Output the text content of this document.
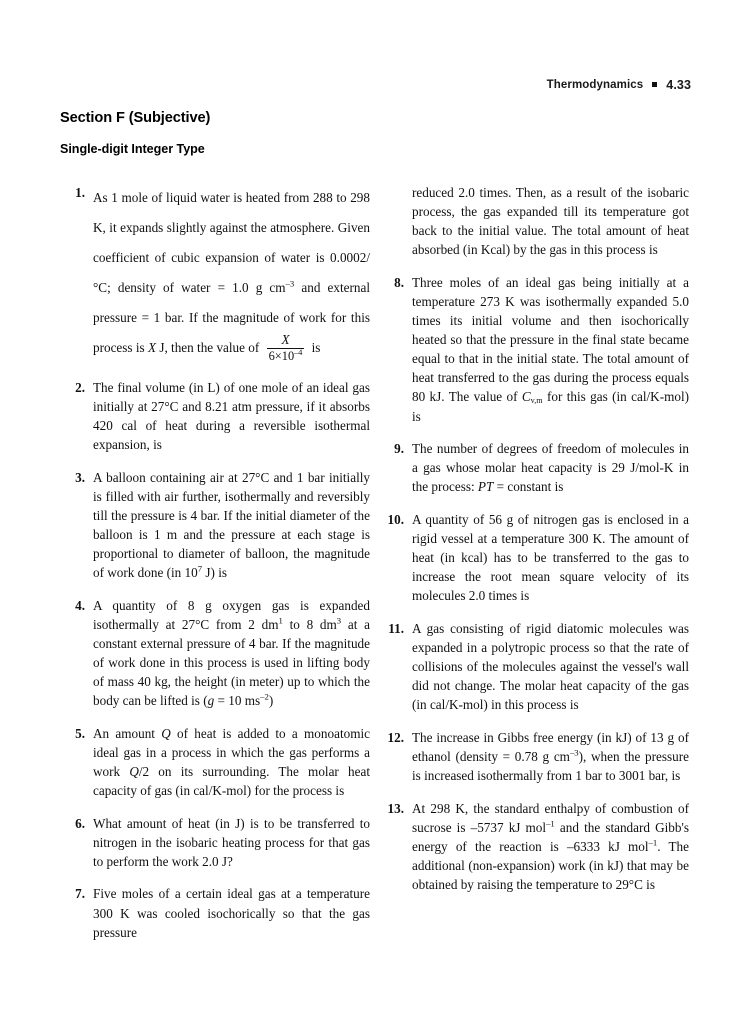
Thermodynamics 4.33
Section F (Subjective)
Single-digit Integer Type
1. As 1 mole of liquid water is heated from 288 to 298 K, it expands slightly against the atmosphere. Given coefficient of cubic expansion of water is 0.0002/°C; density of water = 1.0 g $cm^{-3}$ and external pressure = 1 bar. If the magnitude of work for this process is X J, then the value of $\frac{X}{6\times 10^{-4}}$ is
2. The final volume (in L) of one mole of an ideal gas initially at 27°C and 8.21 atm pressure, if it absorbs 420 cal of heat during a reversible isothermal expansion, is
3. A balloon containing air at 27°C and 1 bar initially is filled with air further, isothermally and reversibly till the pressure is 4 bar. If the initial diameter of the balloon is 1 m and the pressure at each stage is proportional to diameter of balloon, the magnitude of work done (in $10^7$ J) is
4. A quantity of 8 g oxygen gas is expanded isothermally at 27°C from 2 $dm^1$ to 8 $dm^3$ at a constant external pressure of 4 bar. If the magnitude of work done in this process is used in lifting body of mass 40 kg, the height (in meter) up to which the body can be lifted is (g = 10 $ms^{-2}$)
5. An amount Q of heat is added to a monoatomic ideal gas in a process in which the gas performs a work Q/2 on its surrounding. The molar heat capacity of gas (in cal/K-mol) for the process is
6. What amount of heat (in J) is to be transferred to nitrogen in the isobaric heating process for that gas to perform the work 2.0 J?
7. Five moles of a certain ideal gas at a temperature 300 K was cooled isochorically so that the gas pressure
reduced 2.0 times. Then, as a result of the isobaric process, the gas expanded till its temperature got back to the initial value. The total amount of heat absorbed (in Kcal) by the gas in this process is
8. Three moles of an ideal gas being initially at a temperature 273 K was isothermally expanded 5.0 times its initial volume and then isochorically heated so that the pressure in the final state became equal to that in the initial state. The total amount of heat transferred to the gas during the process equals 80 kJ. The value of $C_{v,m}$ for this gas (in cal/K-mol) is
9. The number of degrees of freedom of molecules in a gas whose molar heat capacity is 29 J/mol-K in the process: PT = constant is
10. A quantity of 56 g of nitrogen gas is enclosed in a rigid vessel at a temperature 300 K. The amount of heat (in kcal) has to be transferred to the gas to increase the root mean square velocity of its molecules 2.0 times is
11. A gas consisting of rigid diatomic molecules was expanded in a polytropic process so that the rate of collisions of the molecules against the vessel's wall did not change. The molar heat capacity of the gas (in cal/K-mol) in this process is
12. The increase in Gibbs free energy (in kJ) of 13 g of ethanol (density = 0.78 g $cm^{-3}$), when the pressure is increased isothermally from 1 bar to 3001 bar, is
13. At 298 K, the standard enthalpy of combustion of sucrose is –5737 kJ mol$^{-1}$ and the standard Gibb's energy of the reaction is –6333 kJ mol$^{-1}$. The additional (non-expansion) work (in kJ) that may be obtained by raising the temperature to 29°C is
